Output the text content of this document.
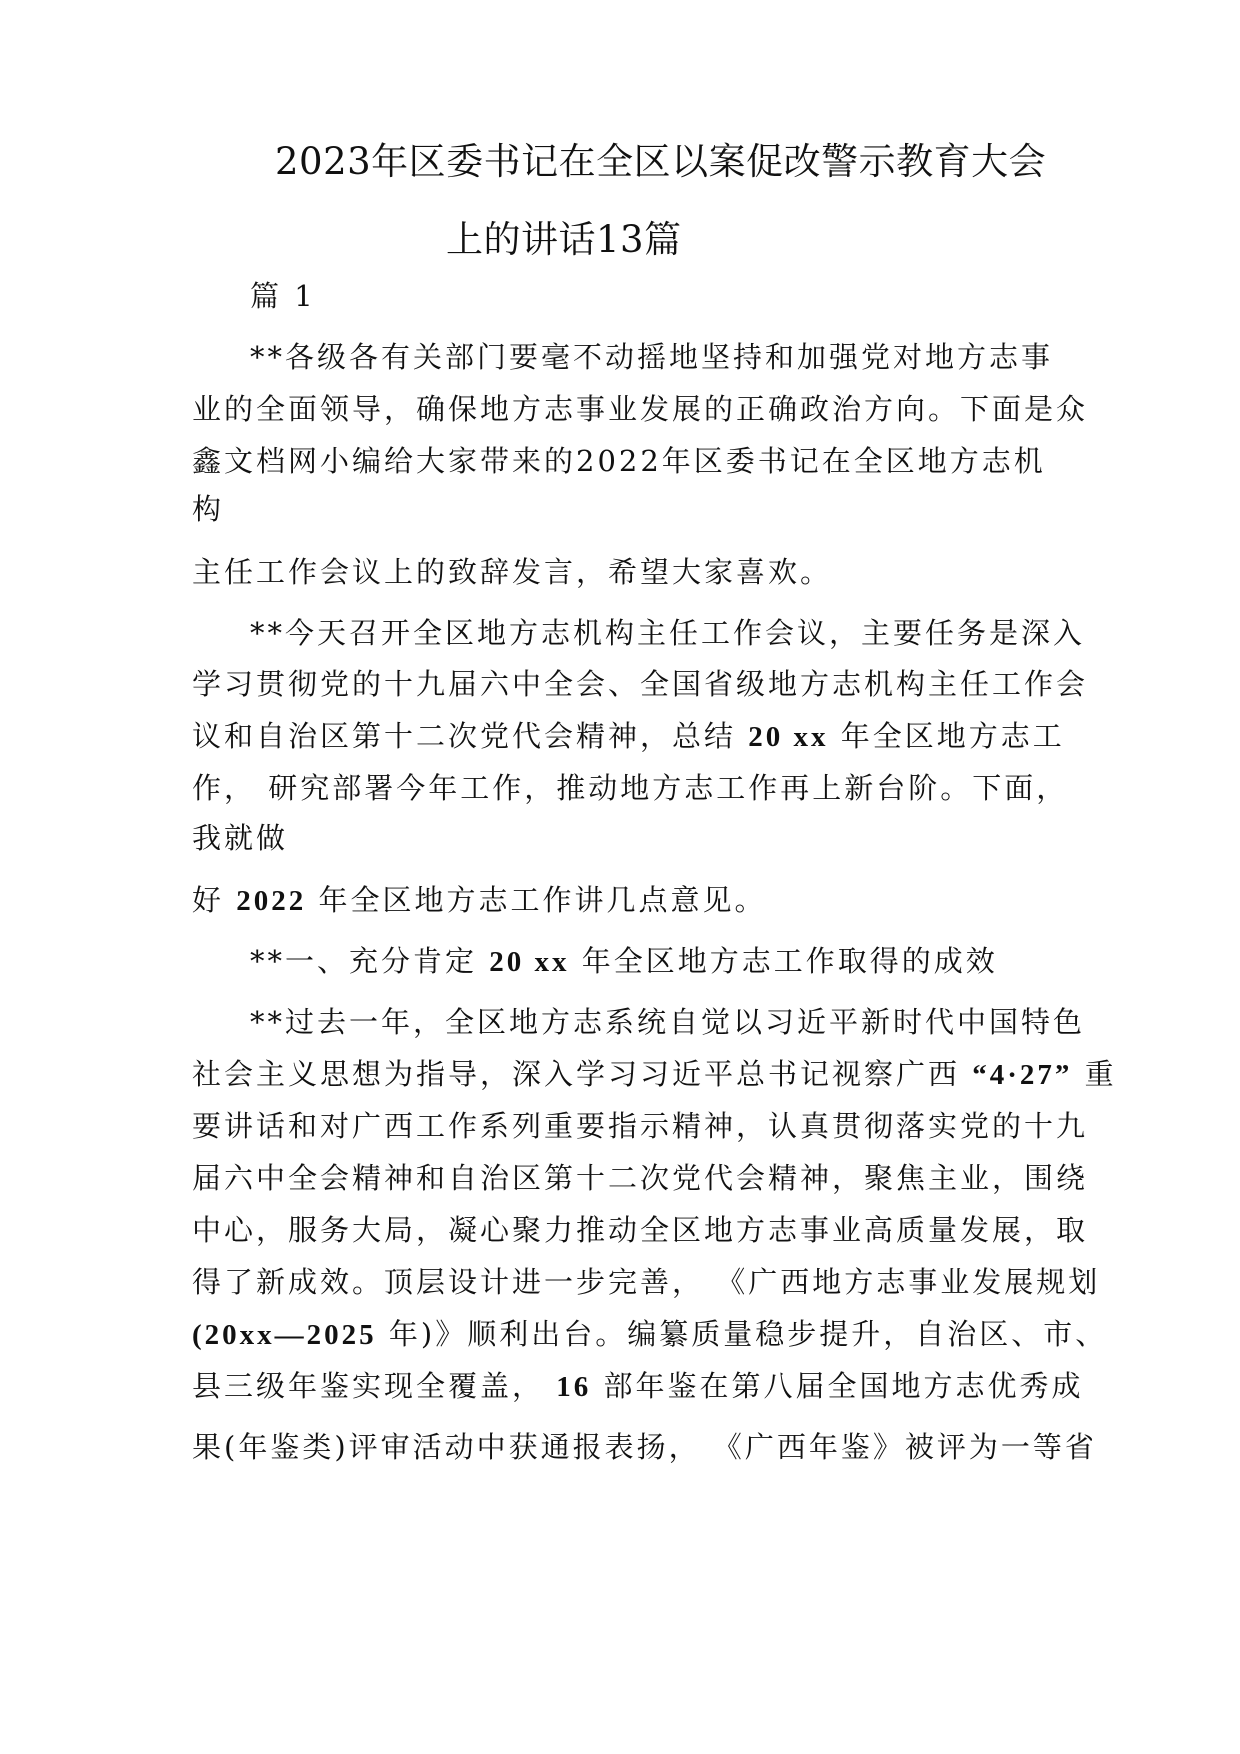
2023年区委书记在全区以案促改警示教育大会
上的讲话13篇
篇 1
**各级各有关部门要毫不动摇地坚持和加强党对地方志事
业的全面领导，确保地方志事业发展的正确政治方向。下面是众
鑫文档网小编给大家带来的2022年区委书记在全区地方志机
构
主任工作会议上的致辞发言，希望大家喜欢。
**今天召开全区地方志机构主任工作会议，主要任务是深入
学习贯彻党的十九届六中全会、全国省级地方志机构主任工作会
议和自治区第十二次党代会精神，总结 20 xx 年全区地方志工
作， 研究部署今年工作，推动地方志工作再上新台阶。下面，
我就做
好 2022 年全区地方志工作讲几点意见。
**一、充分肯定 20 xx 年全区地方志工作取得的成效
**过去一年，全区地方志系统自觉以习近平新时代中国特色
社会主义思想为指导，深入学习习近平总书记视察广西 “4·27” 重
要讲话和对广西工作系列重要指示精神，认真贯彻落实党的十九
届六中全会精神和自治区第十二次党代会精神，聚焦主业，围绕
中心，服务大局，凝心聚力推动全区地方志事业高质量发展，取
得了新成效。顶层设计进一步完善， 《广西地方志事业发展规划
(20xx—2025 年)》顺利出台。编纂质量稳步提升，自治区、市、
县三级年鉴实现全覆盖， 16 部年鉴在第八届全国地方志优秀成
果(年鉴类)评审活动中获通报表扬， 《广西年鉴》被评为一等省
